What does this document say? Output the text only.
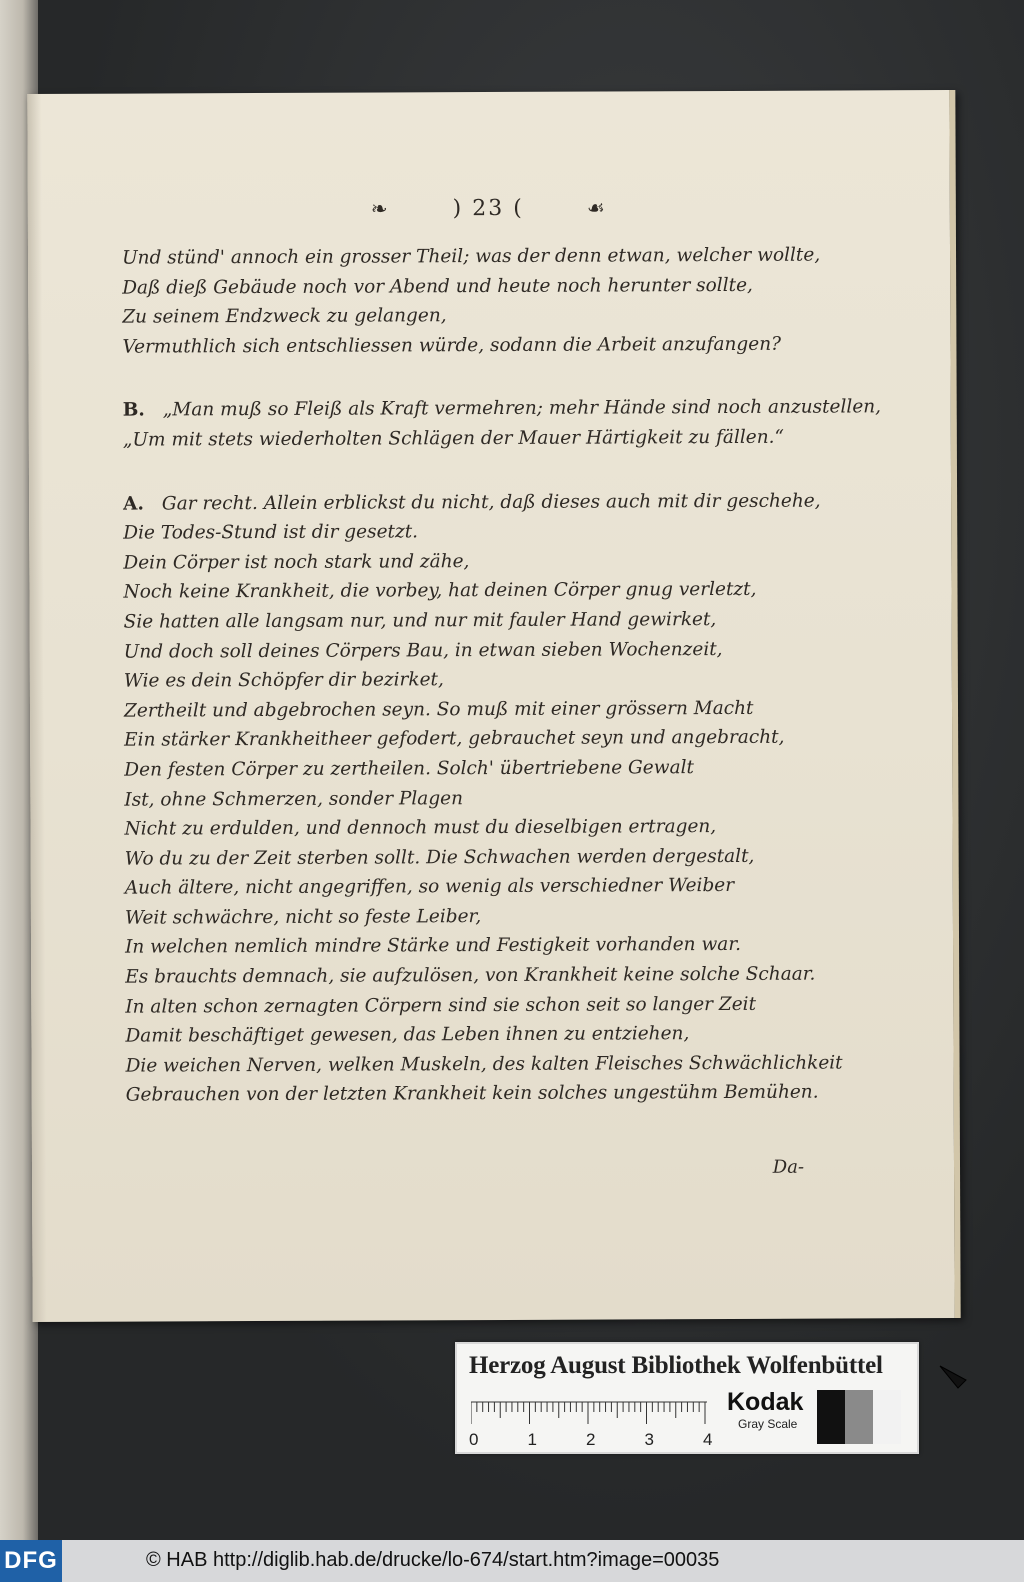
❧	) 23 (	☙
Und stünd' annoch ein grosser Theil; was der denn etwan, welcher wollte,
Daß dieß Gebäude noch vor Abend und heute noch herunter sollte,
Zu seinem Endzweck zu gelangen,
Vermuthlich sich entschliessen würde, sodann die Arbeit anzufangen?
B. „Man muß so Fleiß als Kraft vermehren; mehr Hände sind noch anzustellen,
„Um mit stets wiederholten Schlägen der Mauer Härtigkeit zu fällen.“
A. Gar recht. Allein erblickst du nicht, daß dieses auch mit dir geschehe,
Die Todes-Stund ist dir gesetzt.
Dein Cörper ist noch stark und zähe,
Noch keine Krankheit, die vorbey, hat deinen Cörper gnug verletzt,
Sie hatten alle langsam nur, und nur mit fauler Hand gewirket,
Und doch soll deines Cörpers Bau, in etwan sieben Wochenzeit,
Wie es dein Schöpfer dir bezirket,
Zertheilt und abgebrochen seyn. So muß mit einer grössern Macht
Ein stärker Krankheitheer gefodert, gebrauchet seyn und angebracht,
Den festen Cörper zu zertheilen. Solch' übertriebene Gewalt
Ist, ohne Schmerzen, sonder Plagen
Nicht zu erdulden, und dennoch must du dieselbigen ertragen,
Wo du zu der Zeit sterben sollt. Die Schwachen werden dergestalt,
Auch ältere, nicht angegriffen, so wenig als verschiedner Weiber
Weit schwächre, nicht so feste Leiber,
In welchen nemlich mindre Stärke und Festigkeit vorhanden war.
Es brauchts demnach, sie aufzulösen, von Krankheit keine solche Schaar.
In alten schon zernagten Cörpern sind sie schon seit so langer Zeit
Damit beschäftiget gewesen, das Leben ihnen zu entziehen,
Die weichen Nerven, welken Muskeln, des kalten Fleisches Schwächlichkeit
Gebrauchen von der letzten Krankheit kein solches ungestühm Bemühen.
Da-
Herzog August Bibliothek Wolfenbüttel
0	1	2	3	4
Kodak
Gray Scale
DFG	© HAB http://diglib.hab.de/drucke/lo-674/start.htm?image=00035
